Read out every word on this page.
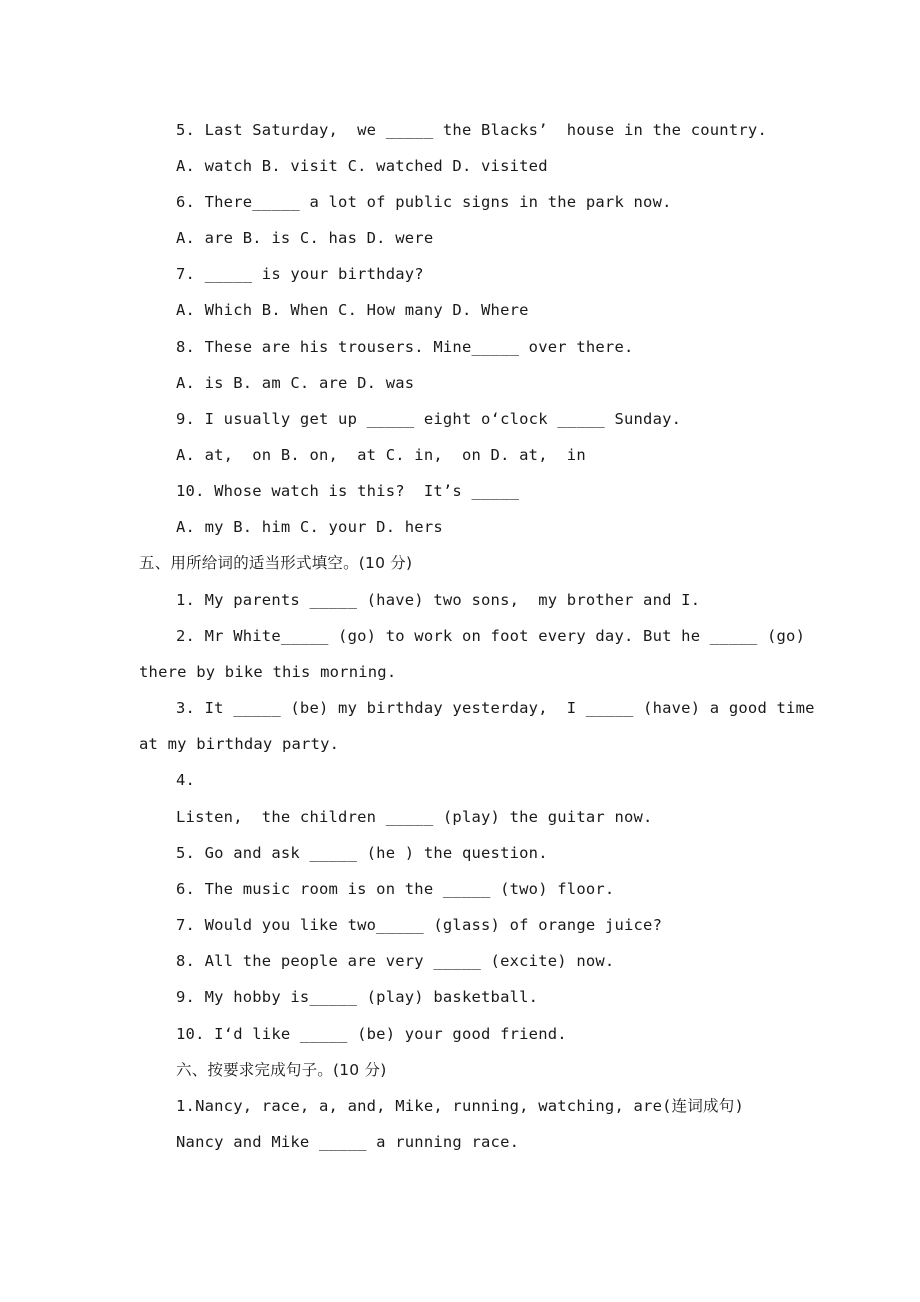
5. Last Saturday,  we _____ the Blacks’  house in the country.
A. watch B. visit C. watched D. visited
6. There_____ a lot of public signs in the park now.
A. are B. is C. has D. were
7. _____ is your birthday?
A. Which B. When C. How many D. Where
8. These are his trousers. Mine_____ over there.
A. is B. am C. are D. was
9. I usually get up _____ eight o‘clock _____ Sunday.
A. at,  on B. on,  at C. in,  on D. at,  in
10. Whose watch is this?  It’s _____
A. my B. him C. your D. hers
五、用所给词的适当形式填空。(10 分)
1. My parents _____ (have) two sons,  my brother and I.
2. Mr White_____ (go) to work on foot every day. But he _____ (go)
there by bike this morning.
3. It _____ (be) my birthday yesterday,  I _____ (have) a good time
at my birthday party.
4.
Listen,  the children _____ (play) the guitar now.
5. Go and ask _____ (he ) the question.
6. The music room is on the _____ (two) floor.
7. Would you like two_____ (glass) of orange juice?
8. All the people are very _____ (excite) now.
9. My hobby is_____ (play) basketball.
10. I‘d like _____ (be) your good friend.
六、按要求完成句子。(10 分)
1.Nancy, race, a, and, Mike, running, watching, are(连词成句)
Nancy and Mike _____ a running race.
